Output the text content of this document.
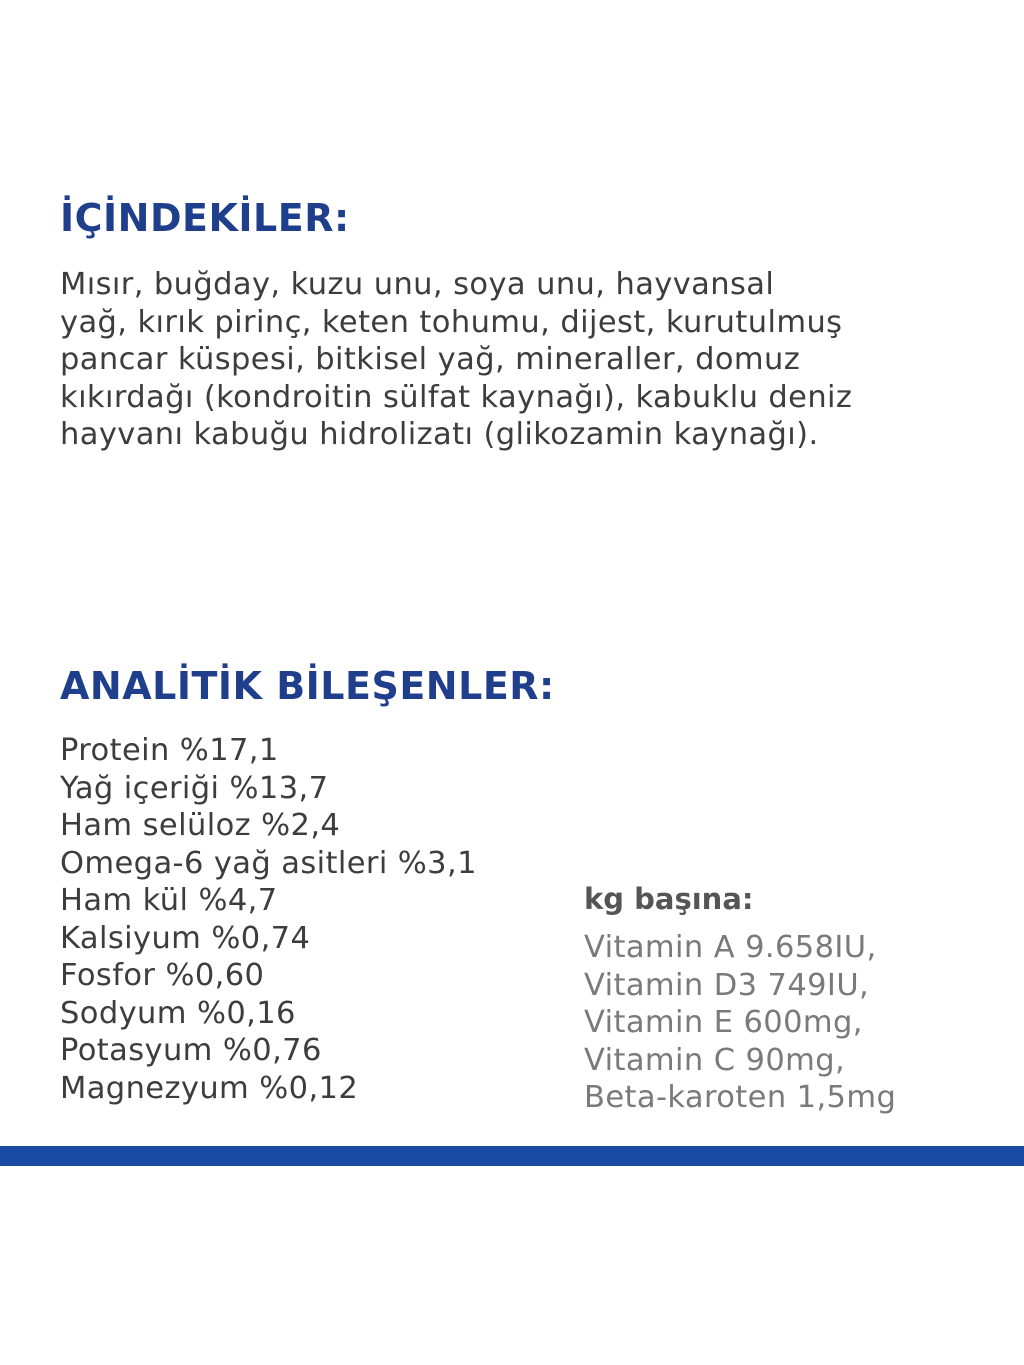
İÇİNDEKİLER:

Mısır, buğday, kuzu unu, soya unu, hayvansal
yağ, kırık pirinç, keten tohumu, dijest, kurutulmuş
pancar küspesi, bitkisel yağ, mineraller, domuz
kıkırdağı (kondroitin sülfat kaynağı), kabuklu deniz
hayvanı kabuğu hidrolizatı (glikozamin kaynağı).

ANALİTİK BİLEŞENLER:
Protein %17,1
Yağ içeriği %13,7
Ham selüloz %2,4
Omega-6 yağ asitleri %3,1
Ham kül %4,7
Kalsiyum %0,74
Fosfor %0,60
Sodyum %0,16
Potasyum %0,76
Magnezyum %0,12
kg başına:
Vitamin A 9.658IU,
Vitamin D3 749IU,
Vitamin E 600mg,
Vitamin C 90mg,
Beta-karoten 1,5mg
